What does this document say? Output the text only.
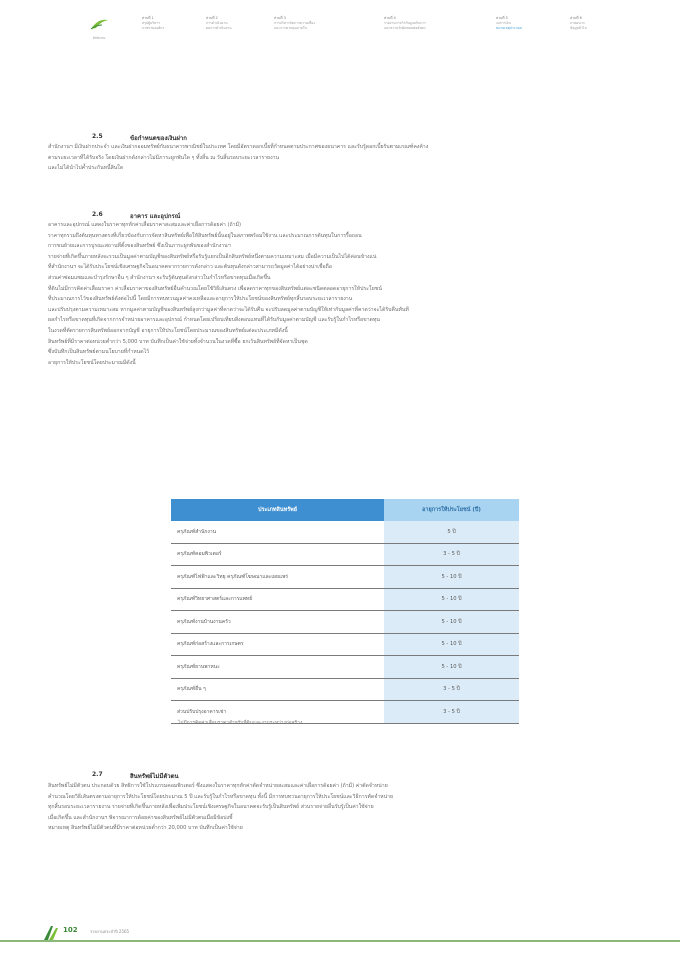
สำนักงาน
ส่วนที่ 1
สรุปผู้บริหาร
ภาพรวมองค์กร
ส่วนที่ 2
การดำเนินงาน
ผลการดำเนินงาน
ส่วนที่ 3
การบริหารจัดการความเสี่ยง
และการควบคุมภายใน
ส่วนที่ 4
รายงานการกำกับดูแลกิจการ
และความรับผิดชอบต่อสังคม
ส่วนที่ 5
งบการเงิน
หมายเหตุประกอบ
ส่วนที่ 6
ภาคผนวก
ข้อมูลทั่วไป
2.5	ข้อกำหนดของเงินฝาก
สำนักงานฯ มีเงินฝากประจำ และเงินฝากออมทรัพย์กับธนาคารพาณิชย์ในประเทศ โดยมีอัตราดอกเบี้ยที่กำหนดตามประกาศของธนาคาร และรับรู้ดอกเบี้ยรับตามเกณฑ์คงค้าง
ตามระยะเวลาที่ได้รับจริง โดยเงินฝากดังกล่าวไม่มีภาระผูกพันใด ๆ ทั้งสิ้น ณ วันสิ้นรอบระยะเวลารายงาน
และไม่ได้นำไปค้ำประกันหนี้สินใด
2.6	อาคาร และอุปกรณ์
อาคารและอุปกรณ์ แสดงในราคาทุกหักค่าเสื่อมราคาสะสมและค่าเผื่อการด้อยค่า (ถ้ามี)
ราคาทุกรวมถึงต้นทุนทางตรงที่เกี่ยวข้องกับการจัดหาสินทรัพย์เพื่อให้สินทรัพย์นั้นอยู่ในสภาพพร้อมใช้งาน และประมาณการต้นทุนในการรื้อถอน
การขนย้ายและการบูรณะสถานที่ตั้งของสินทรัพย์ ซึ่งเป็นภาระผูกพันของสำนักงานฯ
รายจ่ายที่เกิดขึ้นภายหลังจะรวมเป็นมูลค่าตามบัญชีของสินทรัพย์หรือรับรู้แยกเป็นอีกสินทรัพย์หนึ่งตามความเหมาะสม เมื่อมีความเป็นไปได้ค่อนข้างแน่
ที่สำนักงานฯ จะได้รับประโยชน์เชิงเศรษฐกิจในอนาคตจากรายการดังกล่าว และต้นทุนดังกล่าวสามารถวัดมูลค่าได้อย่างน่าเชื่อถือ
ส่วนค่าซ่อมแซมและบำรุงรักษาอื่น ๆ สำนักงานฯ จะรับรู้ต้นทุนดังกล่าวในกำไรหรือขาดทุนเมื่อเกิดขึ้น
ที่ดินไม่มีการคิดค่าเสื่อมราคา ค่าเสื่อมราคาของสินทรัพย์อื่นคำนวณโดยใช้วิธีเส้นตรง เพื่อลดราคาทุกของสินทรัพย์แต่ละชนิดตลอดอายุการให้ประโยชน์
ที่ประมาณการไว้ของสินทรัพย์ดังต่อไปนี้ โดยมีการทบทวนมูลค่าคงเหลือและอายุการให้ประโยชน์ของสินทรัพย์ทุกสิ้นรอบระยะเวลารายงาน
และปรับปรุงตามความเหมาะสม หากมูลค่าตามบัญชีของสินทรัพย์สูงกว่ามูลค่าที่คาดว่าจะได้รับคืน จะปรับลดมูลค่าตามบัญชีให้เท่ากับมูลค่าที่คาดว่าจะได้รับคืนทันที
ผลกำไรหรือขาดทุนที่เกิดจากการจำหน่ายอาคารและอุปกรณ์ กำหนดโดยเปรียบเทียบสิ่งตอบแทนที่ได้รับกับมูลค่าตามบัญชี และรับรู้ในกำไรหรือขาดทุน
ในงวดที่ตัดรายการสินทรัพย์ออกจากบัญชี อายุการให้ประโยชน์โดยประมาณของสินทรัพย์แต่ละประเภทมีดังนี้
สินทรัพย์ที่มีราคาต่อหน่วยต่ำกว่า 5,000 บาท บันทึกเป็นค่าใช้จ่ายทั้งจำนวนในงวดที่ซื้อ ยกเว้นสินทรัพย์ที่จัดหาเป็นชุด
ซึ่งบันทึกเป็นสินทรัพย์ตามนโยบายที่กำหนดไว้
อายุการให้ประโยชน์โดยประมาณมีดังนี้
ประเภทสินทรัพย์	อายุการให้ประโยชน์ (ปี)
ครุภัณฑ์สำนักงาน	5 ปี
ครุภัณฑ์คอมพิวเตอร์	3 - 5 ปี
ครุภัณฑ์ไฟฟ้าและวิทยุ ครุภัณฑ์โฆษณาและเผยแพร่	5 - 10 ปี
ครุภัณฑ์วิทยาศาสตร์และการแพทย์	5 - 10 ปี
ครุภัณฑ์งานบ้านงานครัว	5 - 10 ปี
ครุภัณฑ์ก่อสร้างและการเกษตร	5 - 10 ปี
ครุภัณฑ์ยานพาหนะ	5 - 10 ปี
ครุภัณฑ์อื่น ๆ	3 - 5 ปี
ส่วนปรับปรุงอาคารเช่า	3 - 5 ปี
ไม่มีการคิดค่าเสื่อมราคาสำหรับที่ดินและงานระหว่างก่อสร้าง
2.7	สินทรัพย์ไม่มีตัวตน
สินทรัพย์ไม่มีตัวตน ประกอบด้วย สิทธิการใช้โปรแกรมคอมพิวเตอร์ ซึ่งแสดงในราคาทุกหักค่าตัดจำหน่ายสะสมและค่าเผื่อการด้อยค่า (ถ้ามี) ค่าตัดจำหน่าย
คำนวณโดยวิธีเส้นตรงตามอายุการให้ประโยชน์โดยประมาณ 5 ปี และรับรู้ในกำไรหรือขาดทุน ทั้งนี้ มีการทบทวนอายุการให้ประโยชน์และวิธีการตัดจำหน่าย
ทุกสิ้นรอบระยะเวลารายงาน รายจ่ายที่เกิดขึ้นภายหลังเพื่อเพิ่มประโยชน์เชิงเศรษฐกิจในอนาคตจะรับรู้เป็นสินทรัพย์ ส่วนรายจ่ายอื่นรับรู้เป็นค่าใช้จ่าย
เมื่อเกิดขึ้น และสำนักงานฯ พิจารณาการด้อยค่าของสินทรัพย์ไม่มีตัวตนเมื่อมีข้อบ่งชี้
หมายเหตุ สินทรัพย์ไม่มีตัวตนที่มีราคาต่อหน่วยต่ำกว่า 20,000 บาท บันทึกเป็นค่าใช้จ่าย
102	รายงานประจำปี 2565
